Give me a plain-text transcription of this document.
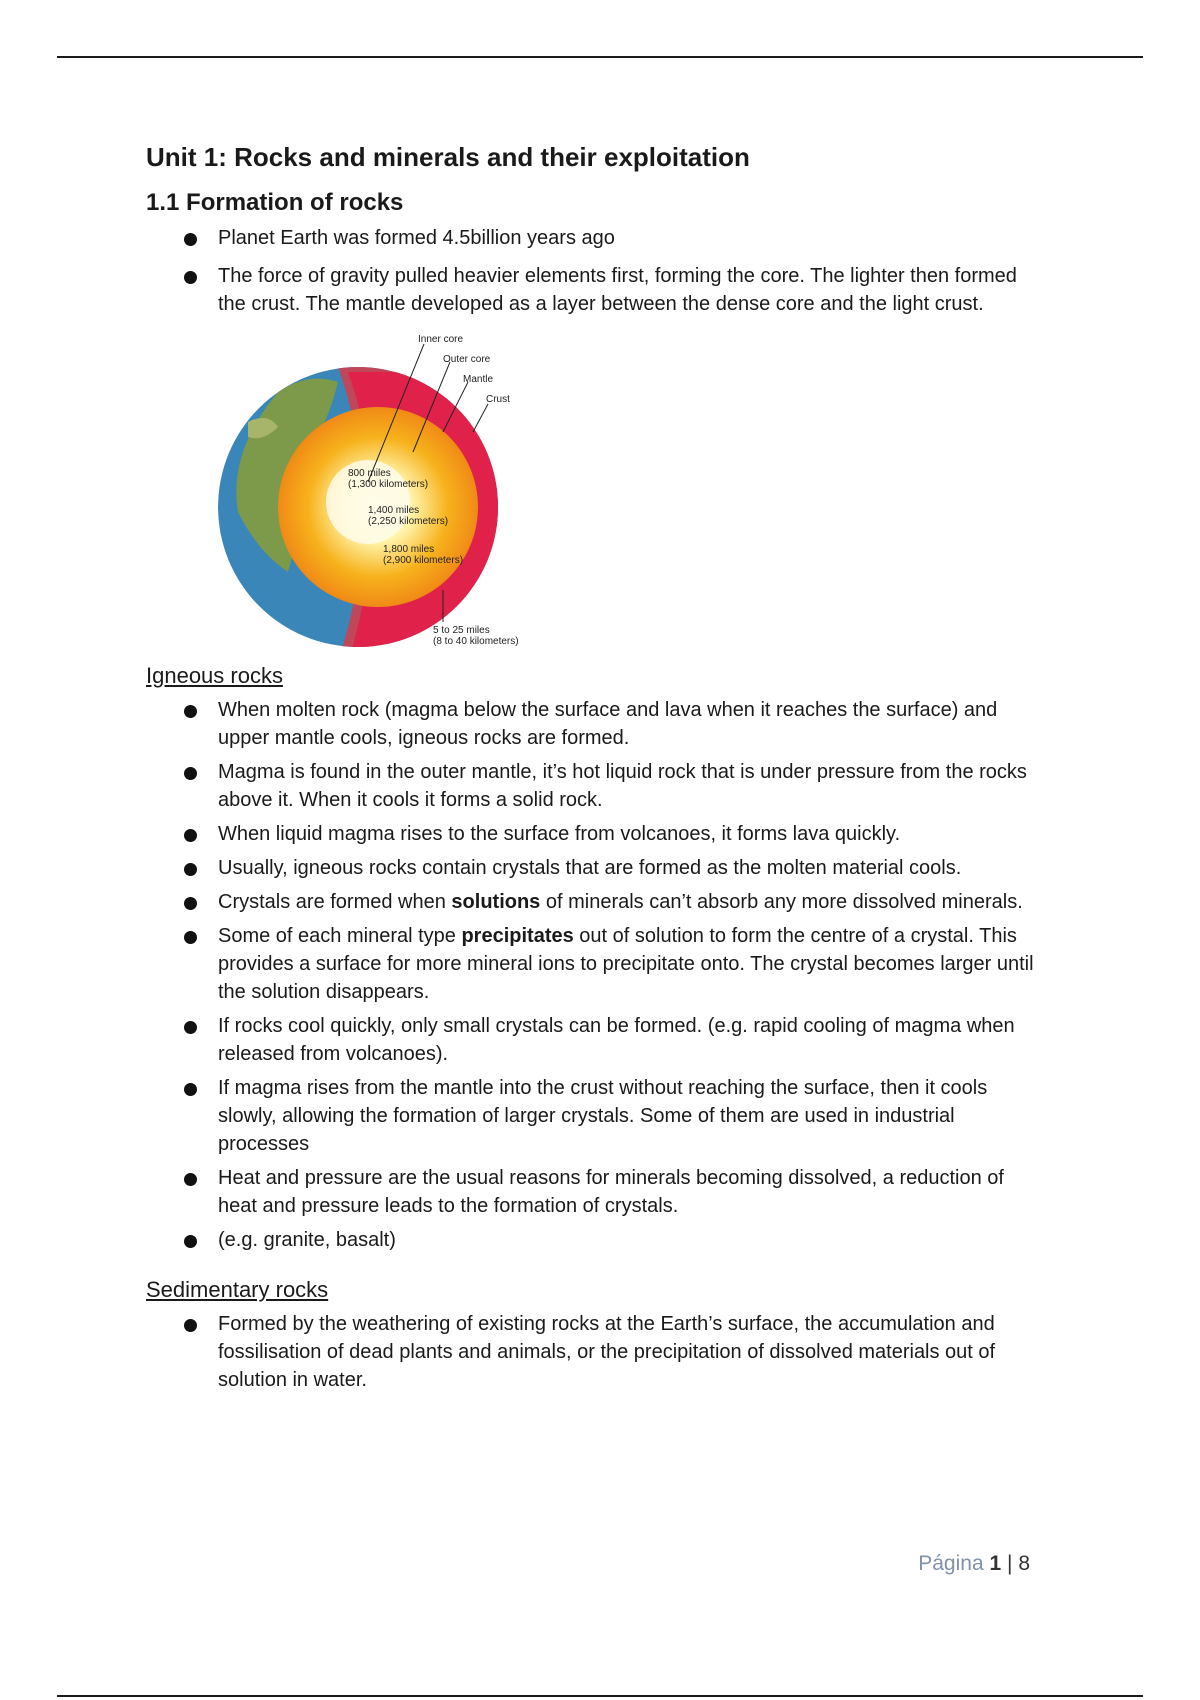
Unit 1: Rocks and minerals and their exploitation
1.1 Formation of rocks
Planet Earth was formed 4.5billion years ago
The force of gravity pulled heavier elements first, forming the core. The lighter then formed the crust. The mantle developed as a layer between the dense core and the light crust.
Inner core
Outer core
Mantle
Crust
800 miles
(1,300 kilometers)
1,400 miles
(2,250 kilometers)
1,800 miles
(2,900 kilometers)
5 to 25 miles
(8 to 40 kilometers)
Igneous rocks
When molten rock (magma below the surface and lava when it reaches the surface) and upper mantle cools, igneous rocks are formed.
Magma is found in the outer mantle, it’s hot liquid rock that is under pressure from the rocks above it. When it cools it forms a solid rock.
When liquid magma rises to the surface from volcanoes, it forms lava quickly.
Usually, igneous rocks contain crystals that are formed as the molten material cools.
Crystals are formed when solutions of minerals can’t absorb any more dissolved minerals.
Some of each mineral type precipitates out of solution to form the centre of a crystal. This provides a surface for more mineral ions to precipitate onto. The crystal becomes larger until the solution disappears.
If rocks cool quickly, only small crystals can be formed. (e.g. rapid cooling of magma when released from volcanoes).
If magma rises from the mantle into the crust without reaching the surface, then it cools slowly, allowing the formation of larger crystals. Some of them are used in industrial processes
Heat and pressure are the usual reasons for minerals becoming dissolved, a reduction of heat and pressure leads to the formation of crystals.
(e.g. granite, basalt)
Sedimentary rocks
Formed by the weathering of existing rocks at the Earth’s surface, the accumulation and fossilisation of dead plants and animals, or the precipitation of dissolved materials out of solution in water.
Página 1 | 8
